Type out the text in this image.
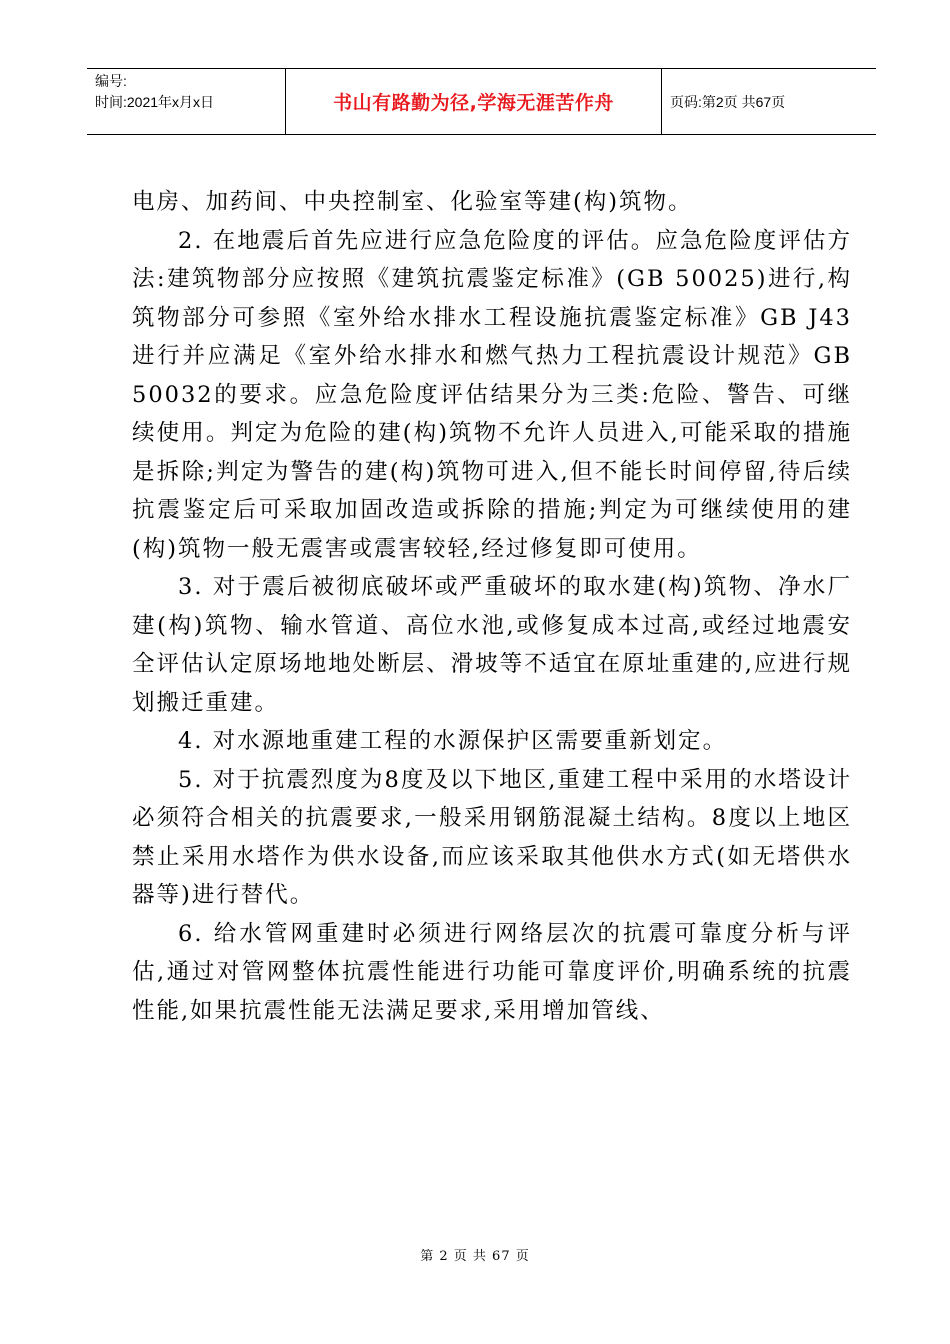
编号:
时间:2021年x月x日	书山有路勤为径,学海无涯苦作舟	页码:第2页 共67页

电房、加药间、中央控制室、化验室等建(构)筑物。

2. 在地震后首先应进行应急危险度的评估。应急危险度评估方法:建筑物部分应按照《建筑抗震鉴定标准》(GB 50025)进行,构筑物部分可参照《室外给水排水工程设施抗震鉴定标准》GB J43进行并应满足《室外给水排水和燃气热力工程抗震设计规范》GB 50032的要求。应急危险度评估结果分为三类:危险、警告、可继续使用。判定为危险的建(构)筑物不允许人员进入,可能采取的措施是拆除;判定为警告的建(构)筑物可进入,但不能长时间停留,待后续抗震鉴定后可采取加固改造或拆除的措施;判定为可继续使用的建(构)筑物一般无震害或震害较轻,经过修复即可使用。

3. 对于震后被彻底破坏或严重破坏的取水建(构)筑物、净水厂建(构)筑物、输水管道、高位水池,或修复成本过高,或经过地震安全评估认定原场地地处断层、滑坡等不适宜在原址重建的,应进行规划搬迁重建。

4. 对水源地重建工程的水源保护区需要重新划定。

5. 对于抗震烈度为8度及以下地区,重建工程中采用的水塔设计必须符合相关的抗震要求,一般采用钢筋混凝土结构。8度以上地区禁止采用水塔作为供水设备,而应该采取其他供水方式(如无塔供水器等)进行替代。

6. 给水管网重建时必须进行网络层次的抗震可靠度分析与评估,通过对管网整体抗震性能进行功能可靠度评价,明确系统的抗震性能,如果抗震性能无法满足要求,采用增加管线、

第 2 页 共 67 页
